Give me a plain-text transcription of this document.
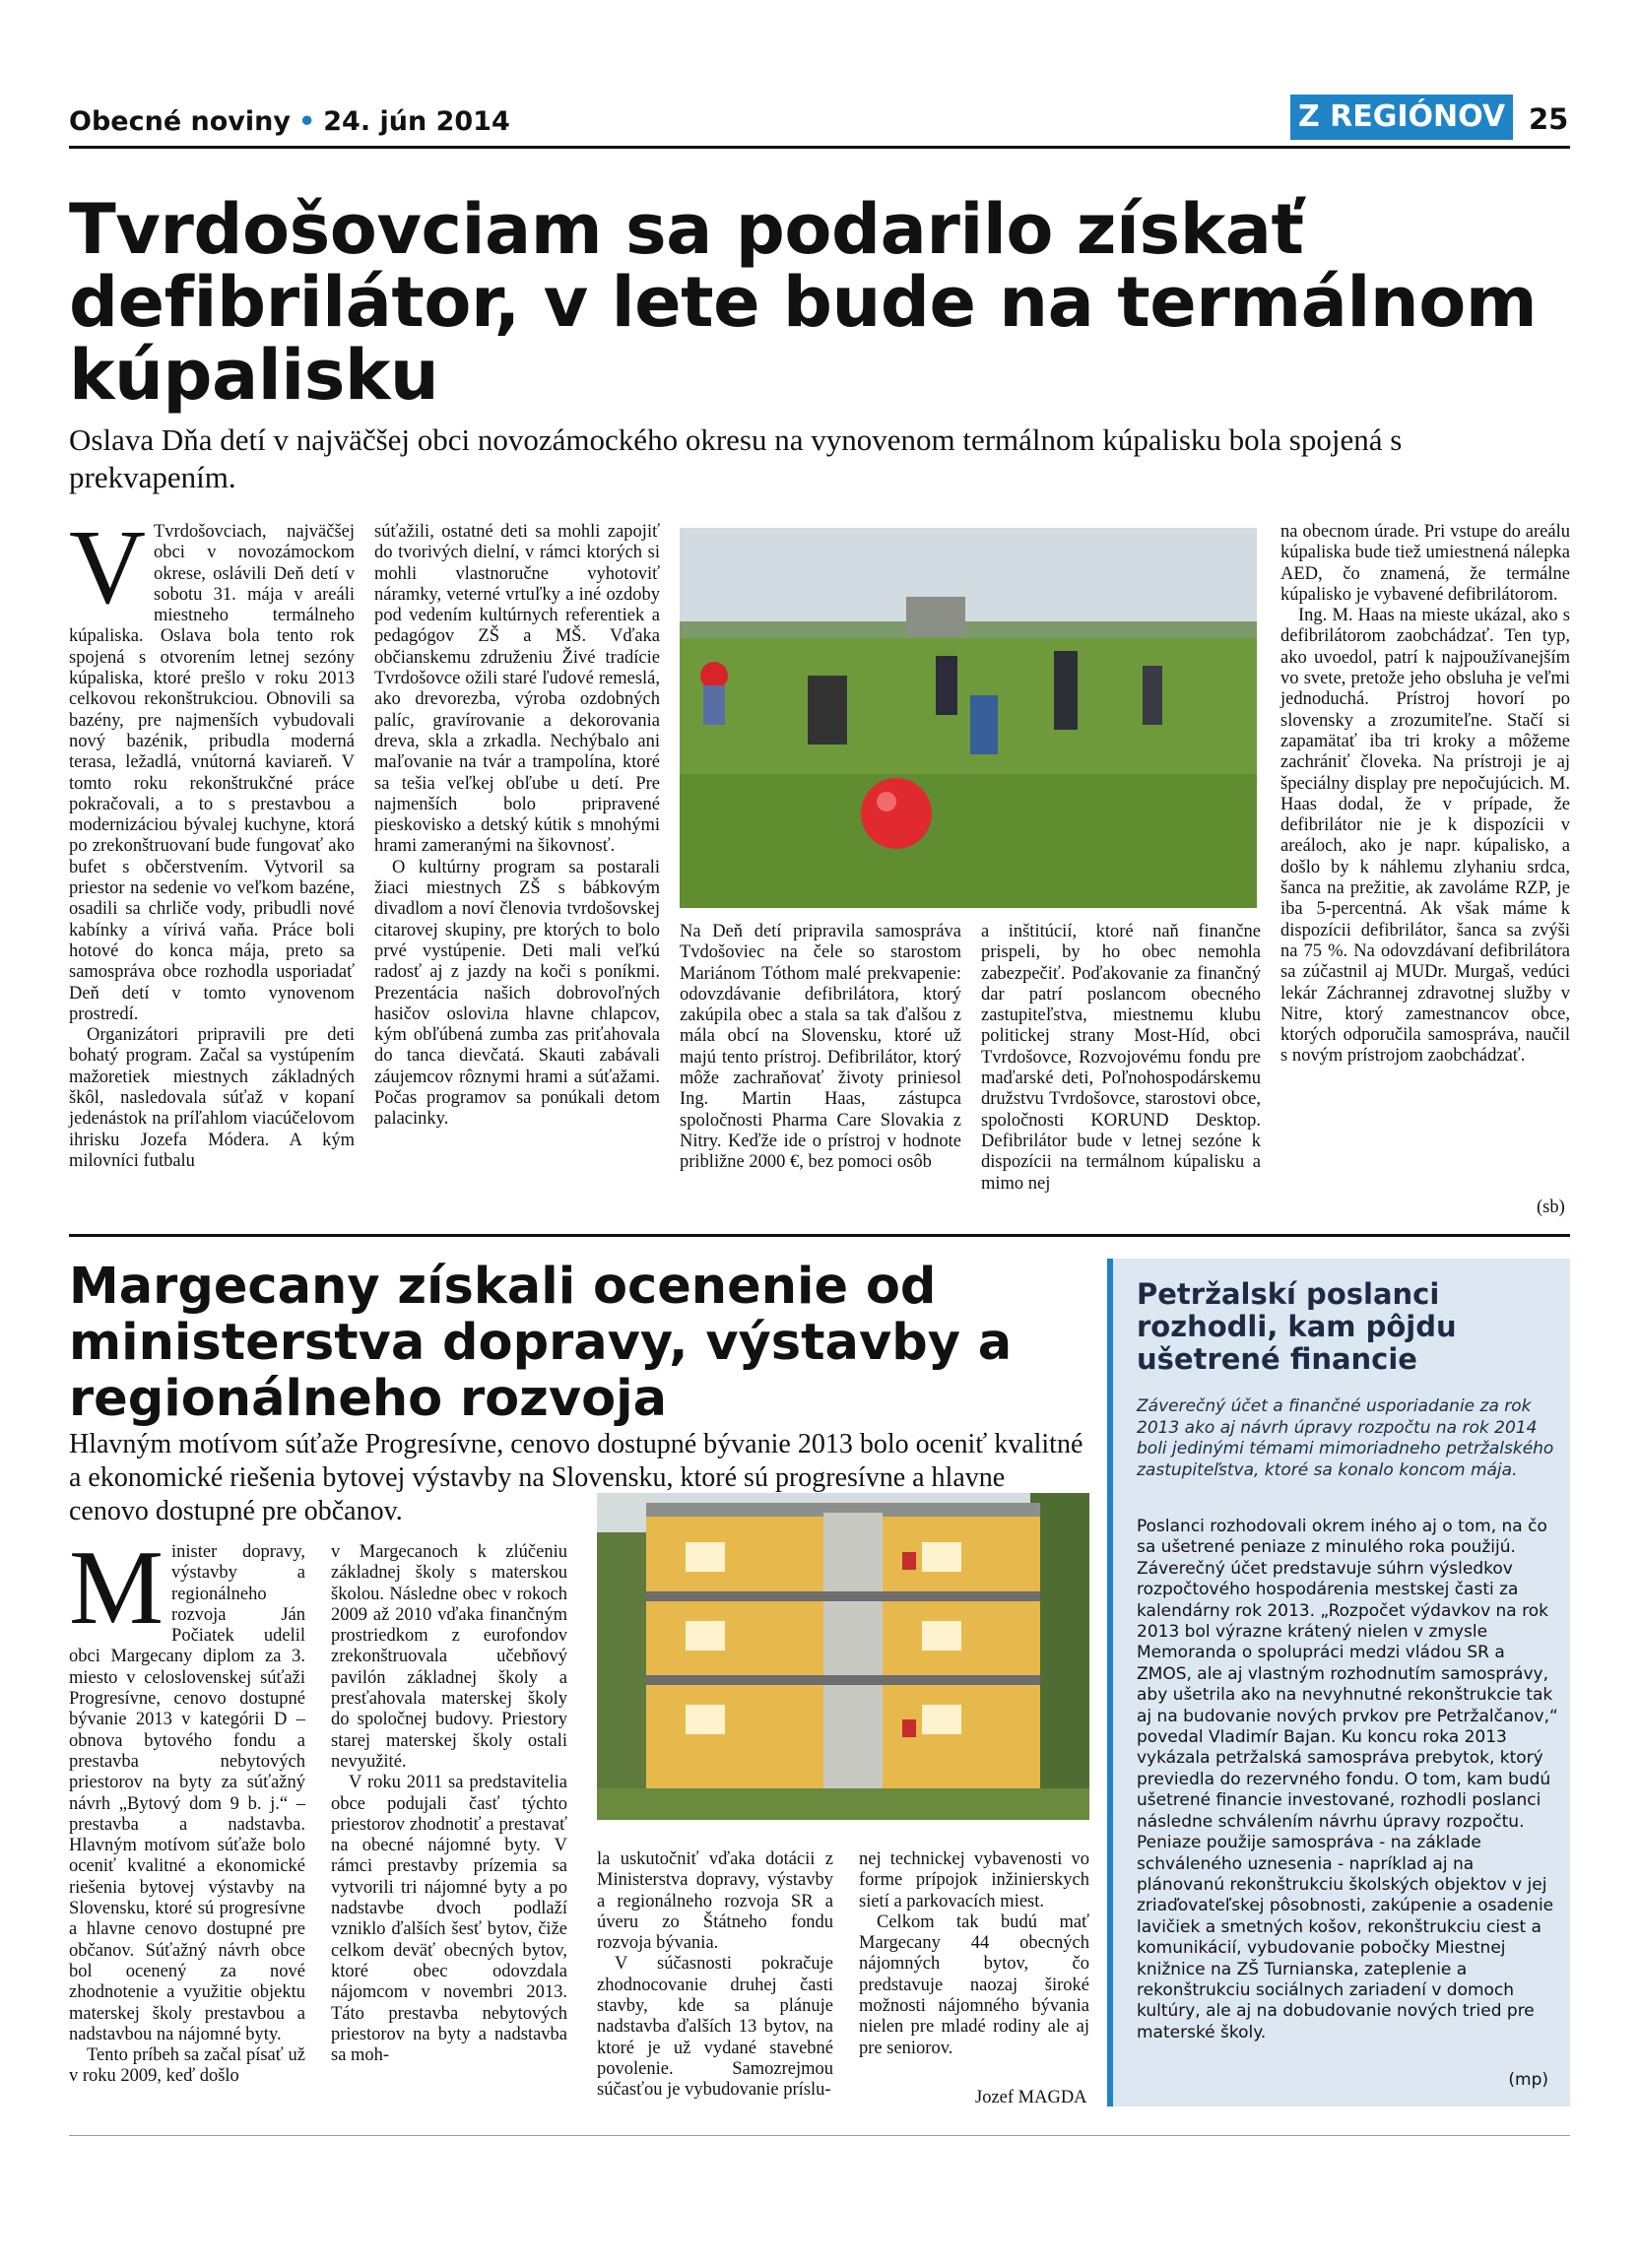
Obecné noviny • 24. jún 2014	Z REGIÓNOV 25
Tvrdošovciam sa podarilo získať defibrilátor, v lete bude na termálnom kúpalisku
Oslava Dňa detí v najväčšej obci novozámockého okresu na vynovenom termálnom kúpalisku bola spojená s prekvapením.

V Tvrdošovciach, najväčšej obci v novozámockom okrese, oslávili Deň detí v sobotu 31. mája v areáli miestneho termálneho kúpaliska. Oslava bola tento rok spojená s otvorením letnej sezóny kúpaliska, ktoré prešlo v roku 2013 celkovou rekonštrukciou. Obnovili sa bazény, pre najmenších vybudovali nový bazénik, pribudla moderná terasa, ležadlá, vnútorná kaviareň. V tomto roku rekonštrukčné práce pokračovali, a to s prestavbou a modernizáciou bývalej kuchyne, ktorá po zrekonštruovaní bude fungovať ako bufet s občerstvením. Vytvoril sa priestor na sedenie vo veľkom bazéne, osadili sa chrliče vody, pribudli nové kabínky a vírivá vaňa. Práce boli hotové do konca mája, preto sa samospráva obce rozhodla usporiadať Deň detí v tomto vynovenom prostredí.

Organizátori pripravili pre deti bohatý program. Začal sa vystúpením mažoretiek miestnych základných škôl, nasledovala súťaž v kopaní jedenástok na príľahlom viacúčelovom ihrisku Jozefa Módera. A kým milovníci futbalu

súťažili, ostatné deti sa mohli zapojiť do tvorivých dielní, v rámci ktorých si mohli vlastnoručne vyhotoviť náramky, veterné vrtuľky a iné ozdoby pod vedením kultúrnych referentiek a pedagógov ZŠ a MŠ. Vďaka občianskemu združeniu Živé tradície Tvrdošovce ožili staré ľudové remeslá, ako drevorezba, výroba ozdobných palíc, gravírovanie a dekorovania dreva, skla a zrkadla. Nechýbalo ani maľovanie na tvár a trampolína, ktoré sa tešia veľkej obľube u detí. Pre najmenších bolo pripravené pieskovisko a detský kútik s mnohými hrami zameranými na šikovnosť.

O kultúrny program sa postarali žiaci miestnych ZŠ s bábkovým divadlom a noví členovia tvrdošovskej citarovej skupiny, pre ktorých to bolo prvé vystúpenie. Deti mali veľkú radosť aj z jazdy na koči s poníkmi. Prezentácia našich dobrovoľných hasičov osloviла hlavne chlapcov, kým obľúbená zumba zas priťahovala do tanca dievčatá. Skauti zabávali záujemcov rôznymi hrami a súťažami. Počas programov sa ponúkali detom palacinky.

Na Deň detí pripravila samospráva Tvdošoviec na čele so starostom Mariánom Tóthom malé prekvapenie: odovzdávanie defibrilátora, ktorý zakúpila obec a stala sa tak ďalšou z mála obcí na Slovensku, ktoré už majú tento prístroj. Defibrilátor, ktorý môže zachraňovať životy priniesol Ing. Martin Haas, zástupca spoločnosti Pharma Care Slovakia z Nitry. Keďže ide o prístroj v hodnote približne 2000 €, bez pomoci osôb

a inštitúcií, ktoré naň finančne prispeli, by ho obec nemohla zabezpečiť. Poďakovanie za finančný dar patrí poslancom obecného zastupiteľstva, miestnemu klubu politickej strany Most-Híd, obci Tvrdošovce, Rozvojovému fondu pre maďarské deti, Poľnohospodárskemu družstvu Tvrdošovce, starostovi obce, spoločnosti KORUND Desktop. Defibrilátor bude v letnej sezóne k dispozícii na termálnom kúpalisku a mimo nej

na obecnom úrade. Pri vstupe do areálu kúpaliska bude tiež umiestnená nálepka AED, čo znamená, že termálne kúpalisko je vybavené defibrilátorom.

Ing. M. Haas na mieste ukázal, ako s defibrilátorom zaobchádzať. Ten typ, ako uvoedol, patrí k najpoužívanejším vo svete, pretože jeho obsluha je veľmi jednoduchá. Prístroj hovorí po slovensky a zrozumiteľne. Stačí si zapamätať iba tri kroky a môžeme zachrániť človeka. Na prístroji je aj špeciálny display pre nepočujúcich. M. Haas dodal, že v prípade, že defibrilátor nie je k dispozícii v areáloch, ako je napr. kúpalisko, a došlo by k náhlemu zlyhaniu srdca, šanca na prežitie, ak zavoláme RZP, je iba 5-percentná. Ak však máme k dispozícii defibrilátor, šanca sa zvýši na 75 %. Na odovzdávaní defibrilátora sa zúčastnil aj MUDr. Murgaš, vedúci lekár Záchrannej zdravotnej služby v Nitre, ktorý zamestnancov obce, ktorých odporučila samospráva, naučil s novým prístrojom zaobchádzať.

(sb)
Margecany získali ocenenie od ministerstva dopravy, výstavby a regionálneho rozvoja
Hlavným motívom súťaže Progresívne, cenovo dostupné bývanie 2013 bolo oceniť kvalitné a ekonomické riešenia bytovej výstavby na Slovensku, ktoré sú progresívne a hlavne cenovo dostupné pre občanov.

Minister dopravy, výstavby a regionálneho rozvoja Ján Počiatek udelil obci Margecany diplom za 3. miesto v celoslovenskej súťaži Progresívne, cenovo dostupné bývanie 2013 v kategórii D – obnova bytového fondu a prestavba nebytových priestorov na byty za súťažný návrh „Bytový dom 9 b. j.“ – prestavba a nadstavba. Hlavným motívom súťaže bolo oceniť kvalitné a ekonomické riešenia bytovej výstavby na Slovensku, ktoré sú progresívne a hlavne cenovo dostupné pre občanov. Súťažný návrh obce bol ocenený za nové zhodnotenie a využitie objektu materskej školy prestavbou a nadstavbou na nájomné byty.

Tento príbeh sa začal písať už v roku 2009, keď došlo

v Margecanoch k zlúčeniu základnej školy s materskou školou. Následne obec v rokoch 2009 až 2010 vďaka finančným prostriedkom z eurofondov zrekonštruovala učebňový pavilón základnej školy a presťahovala materskej školy do spoločnej budovy. Priestory starej materskej školy ostali nevyužité.

V roku 2011 sa predstavitelia obce podujali časť týchto priestorov zhodnotiť a prestavať na obecné nájomné byty. V rámci prestavby prízemia sa vytvorili tri nájomné byty a po nadstavbe dvoch podlaží vzniklo ďalších šesť bytov, čiže celkom deväť obecných bytov, ktoré obec odovzdala nájomcom v novembri 2013. Táto prestavba nebytových priestorov na byty a nadstavba sa moh-

la uskutočniť vďaka dotácii z Ministerstva dopravy, výstavby a regionálneho rozvoja SR a úveru zo Štátneho fondu rozvoja bývania.

V súčasnosti pokračuje zhodnocovanie druhej časti stavby, kde sa plánuje nadstavba ďalších 13 bytov, na ktoré je už vydané stavebné povolenie. Samozrejmou súčasťou je vybudovanie príslu-

nej technickej vybavenosti vo forme prípojok inžinierskych sietí a parkovacích miest.

Celkom tak budú mať Margecany 44 obecných nájomných bytov, čo predstavuje naozaj široké možnosti nájomného bývania nielen pre mladé rodiny ale aj pre seniorov.

Jozef MAGDA
Petržalskí poslanci rozhodli, kam pôjdu ušetrené financie
Záverečný účet a finančné usporiadanie za rok 2013 ako aj návrh úpravy rozpočtu na rok 2014 boli jedinými témami mimoriadneho petržalského zastupiteľstva, ktoré sa konalo koncom mája.
Poslanci rozhodovali okrem iného aj o tom, na čo sa ušetrené peniaze z minulého roka použijú. Záverečný účet predstavuje súhrn výsledkov rozpočtového hospodárenia mestskej časti za kalendárny rok 2013. „Rozpočet výdavkov na rok 2013 bol výrazne krátený nielen v zmysle Memoranda o spolupráci medzi vládou SR a ZMOS, ale aj vlastným rozhodnutím samosprávy, aby ušetrila ako na nevyhnutné rekonštrukcie tak aj na budovanie nových prvkov pre Petržalčanov,“ povedal Vladimír Bajan. Ku koncu roka 2013 vykázala petržalská samospráva prebytok, ktorý previedla do rezervného fondu. O tom, kam budú ušetrené financie investované, rozhodli poslanci následne schválením návrhu úpravy rozpočtu. Peniaze použije samospráva - na základe schváleného uznesenia - napríklad aj na plánovanú rekonštrukciu školských objektov v jej zriaďovateľskej pôsobnosti, zakúpenie a osadenie lavičiek a smetných košov, rekonštrukciu ciest a komunikácií, vybudovanie pobočky Miestnej knižnice na ZŠ Turnianska, zateplenie a rekonštrukciu sociálnych zariadení v domoch kultúry, ale aj na dobudovanie nových tried pre materské školy.
(mp)
